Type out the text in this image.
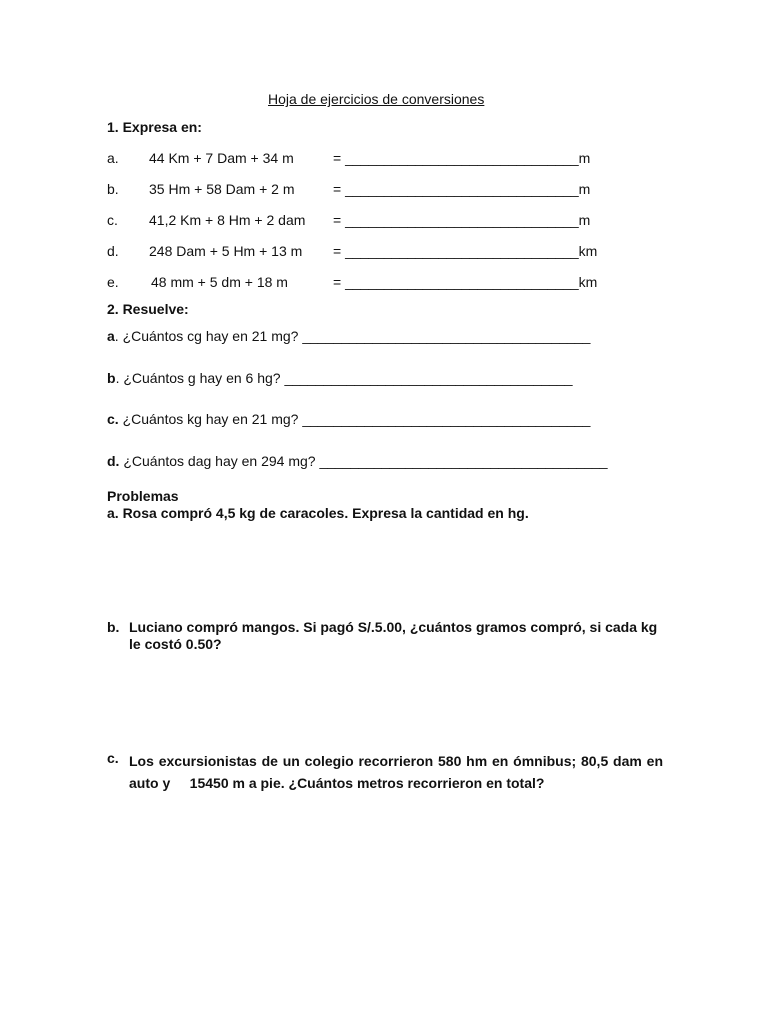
Hoja de ejercicios de conversiones
1. Expresa en:
a. 44 Km + 7 Dam + 34 m	= ______________________________m
b. 35 Hm + 58 Dam + 2 m	= ______________________________m
c. 41,2 Km + 8 Hm + 2 dam = ______________________________m
d. 248 Dam + 5 Hm + 13 m = ______________________________km
e. 48 mm + 5 dm + 18 m	= ______________________________km
2. Resuelve:
a. ¿Cuántos cg hay en 21 mg? _____________________________________
b. ¿Cuántos g hay en 6 hg? _____________________________________
c. ¿Cuántos kg hay en 21 mg? _____________________________________
d. ¿Cuántos dag hay en 294 mg? _____________________________________
Problemas
a. Rosa compró 4,5 kg de caracoles. Expresa la cantidad en hg.
b. Luciano compró mangos. Si pagó S/.5.00, ¿cuántos gramos compró, si cada kg le costó 0.50?
c. Los excursionistas de un colegio recorrieron 580 hm en ómnibus; 80,5 dam en auto y     15450 m a pie. ¿Cuántos metros recorrieron en total?
